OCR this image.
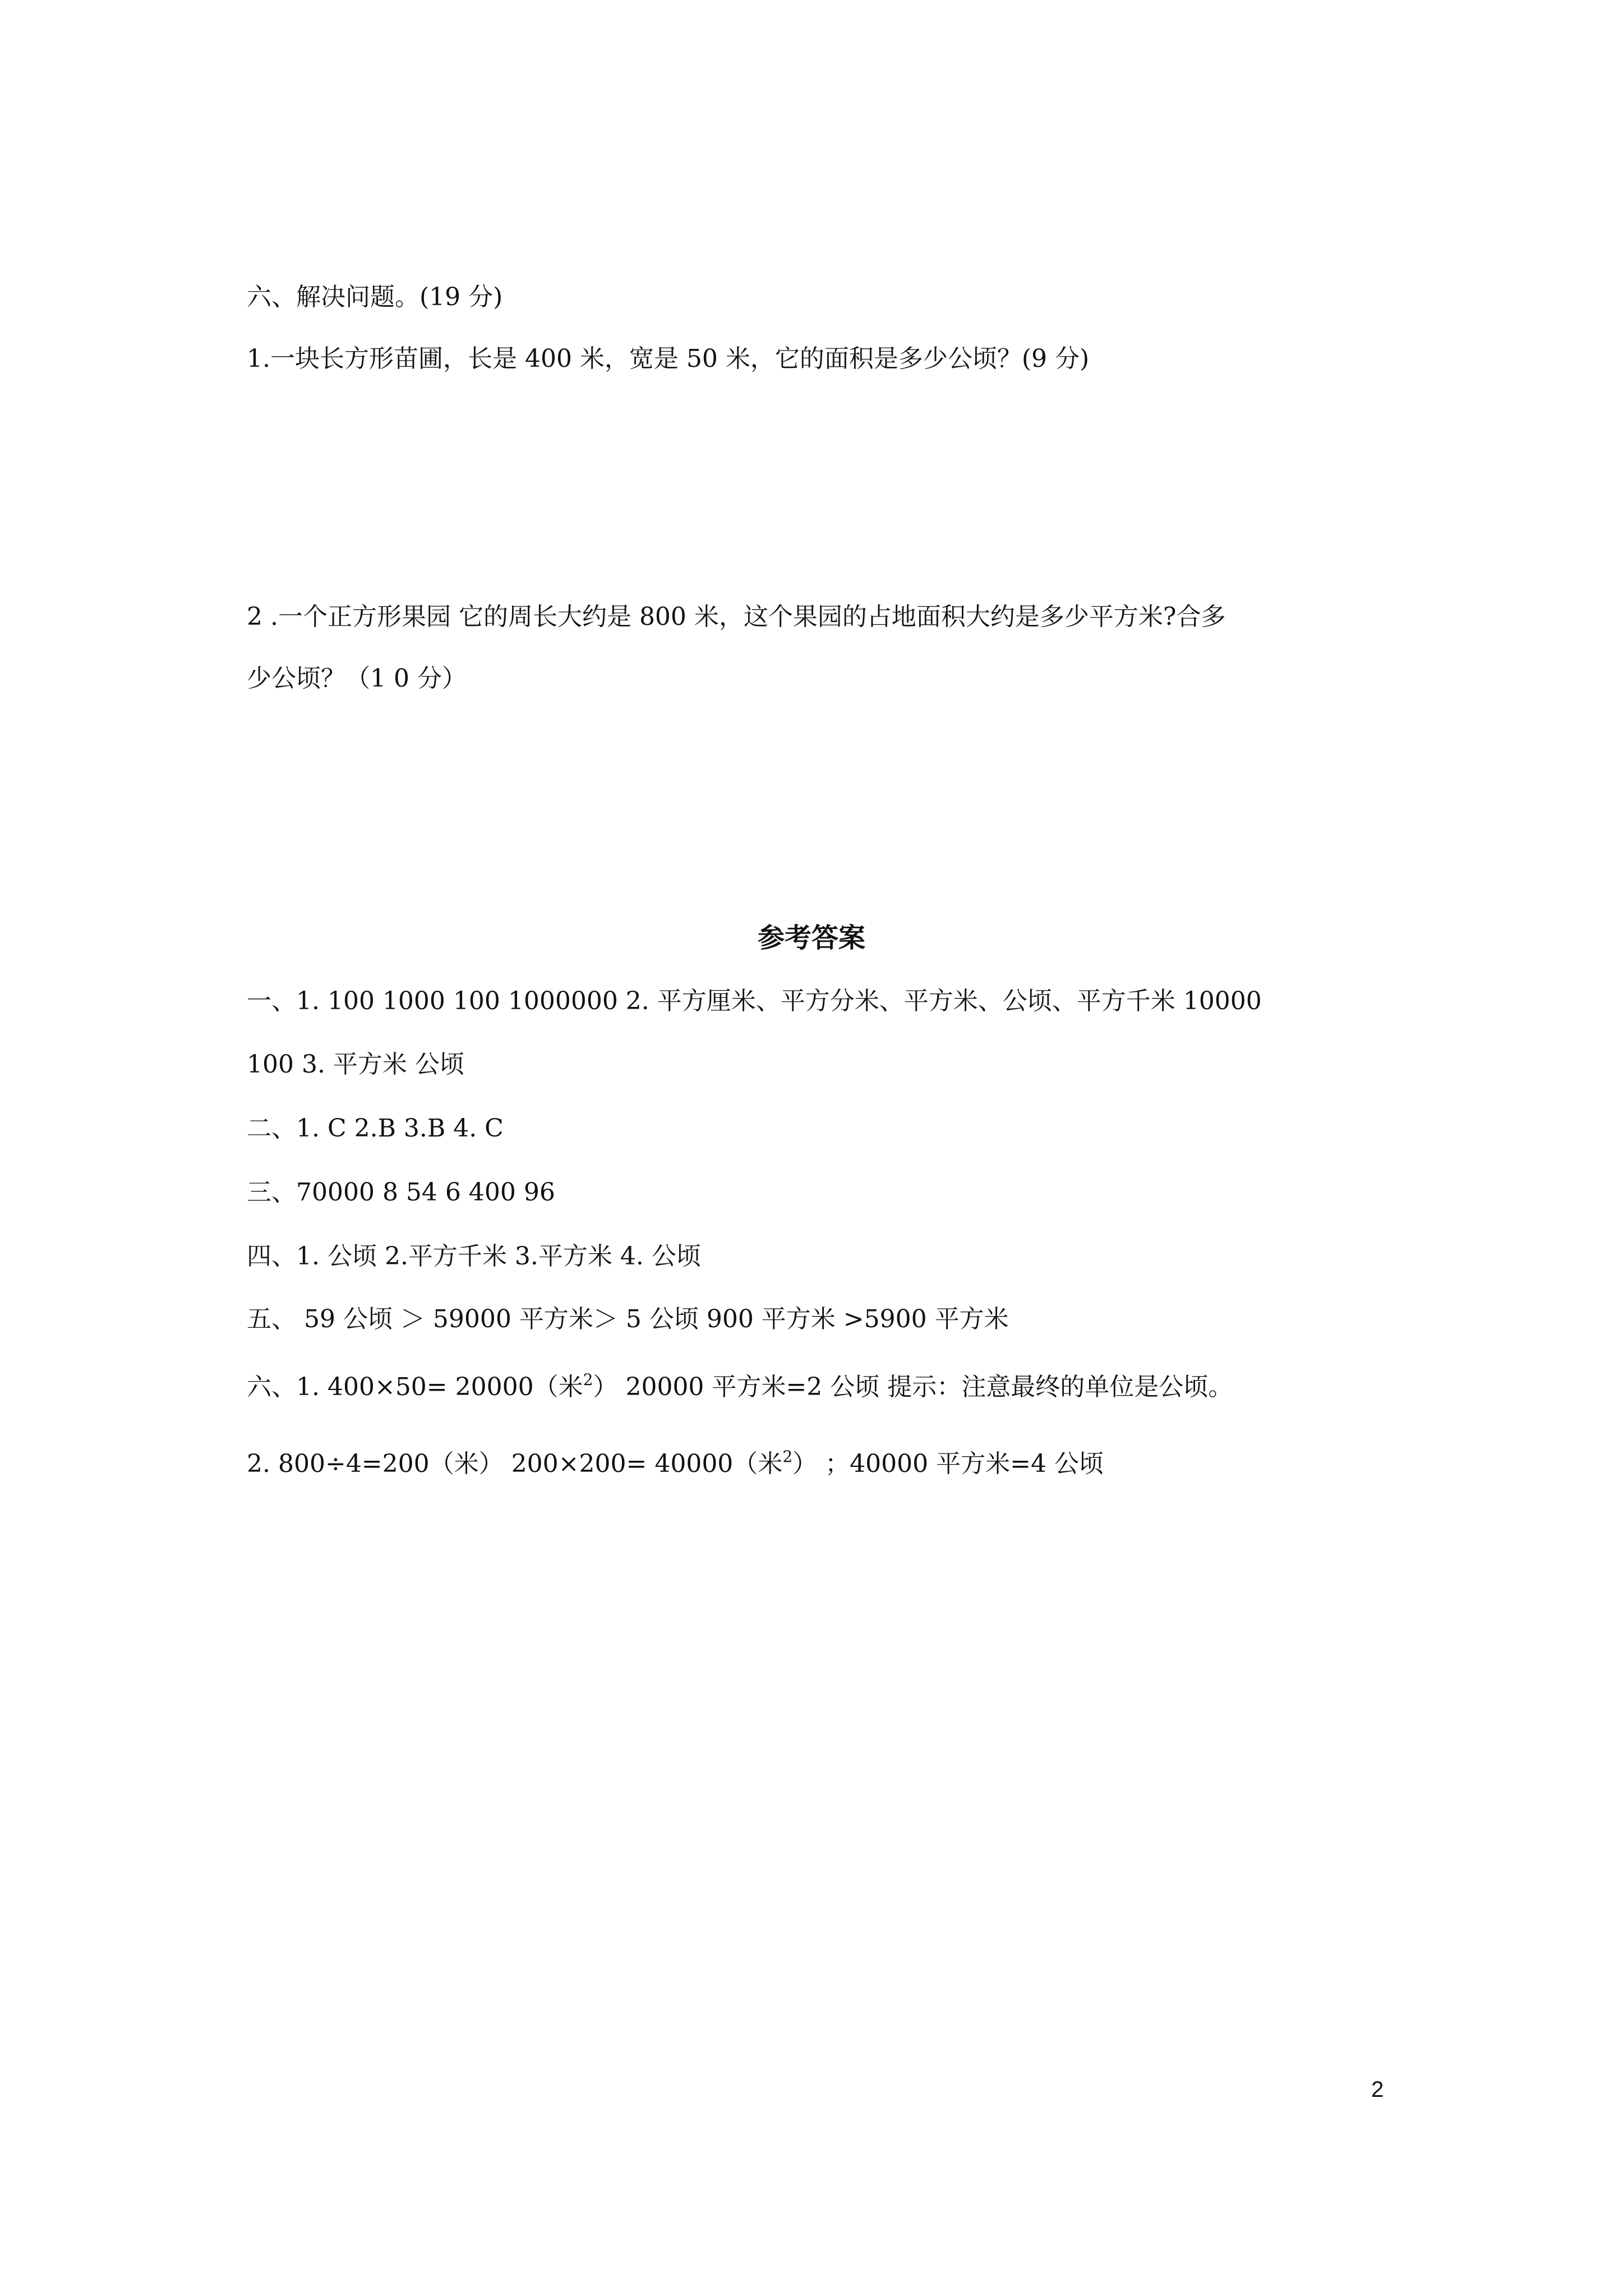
六、解决问题。(19 分)
1.一块长方形苗圃，长是 400 米，宽是 50 米，它的面积是多少公顷？(9 分)
2 .一个正方形果园 它的周长大约是 800 米，这个果园的占地面积大约是多少平方米?合多
少公顷？（1 0 分）
参考答案
一、1. 100 1000 100 1000000 2. 平方厘米、平方分米、平方米、公顷、平方千米 10000
100 3. 平方米 公顷
二、1. C 2.B 3.B 4. C
三、70000 8 54 6 400 96
四、1. 公顷 2.平方千米 3.平方米 4. 公顷
五、 59 公顷 ＞ 59000 平方米＞ 5 公顷 900 平方米 >5900 平方米
六、1. 400×50= 20000（米$^2$） 20000 平方米=2 公顷 提示：注意最终的单位是公顷。
2. 800÷4=200（米） 200×200= 40000（米$^2$） ；40000 平方米=4 公顷
2
